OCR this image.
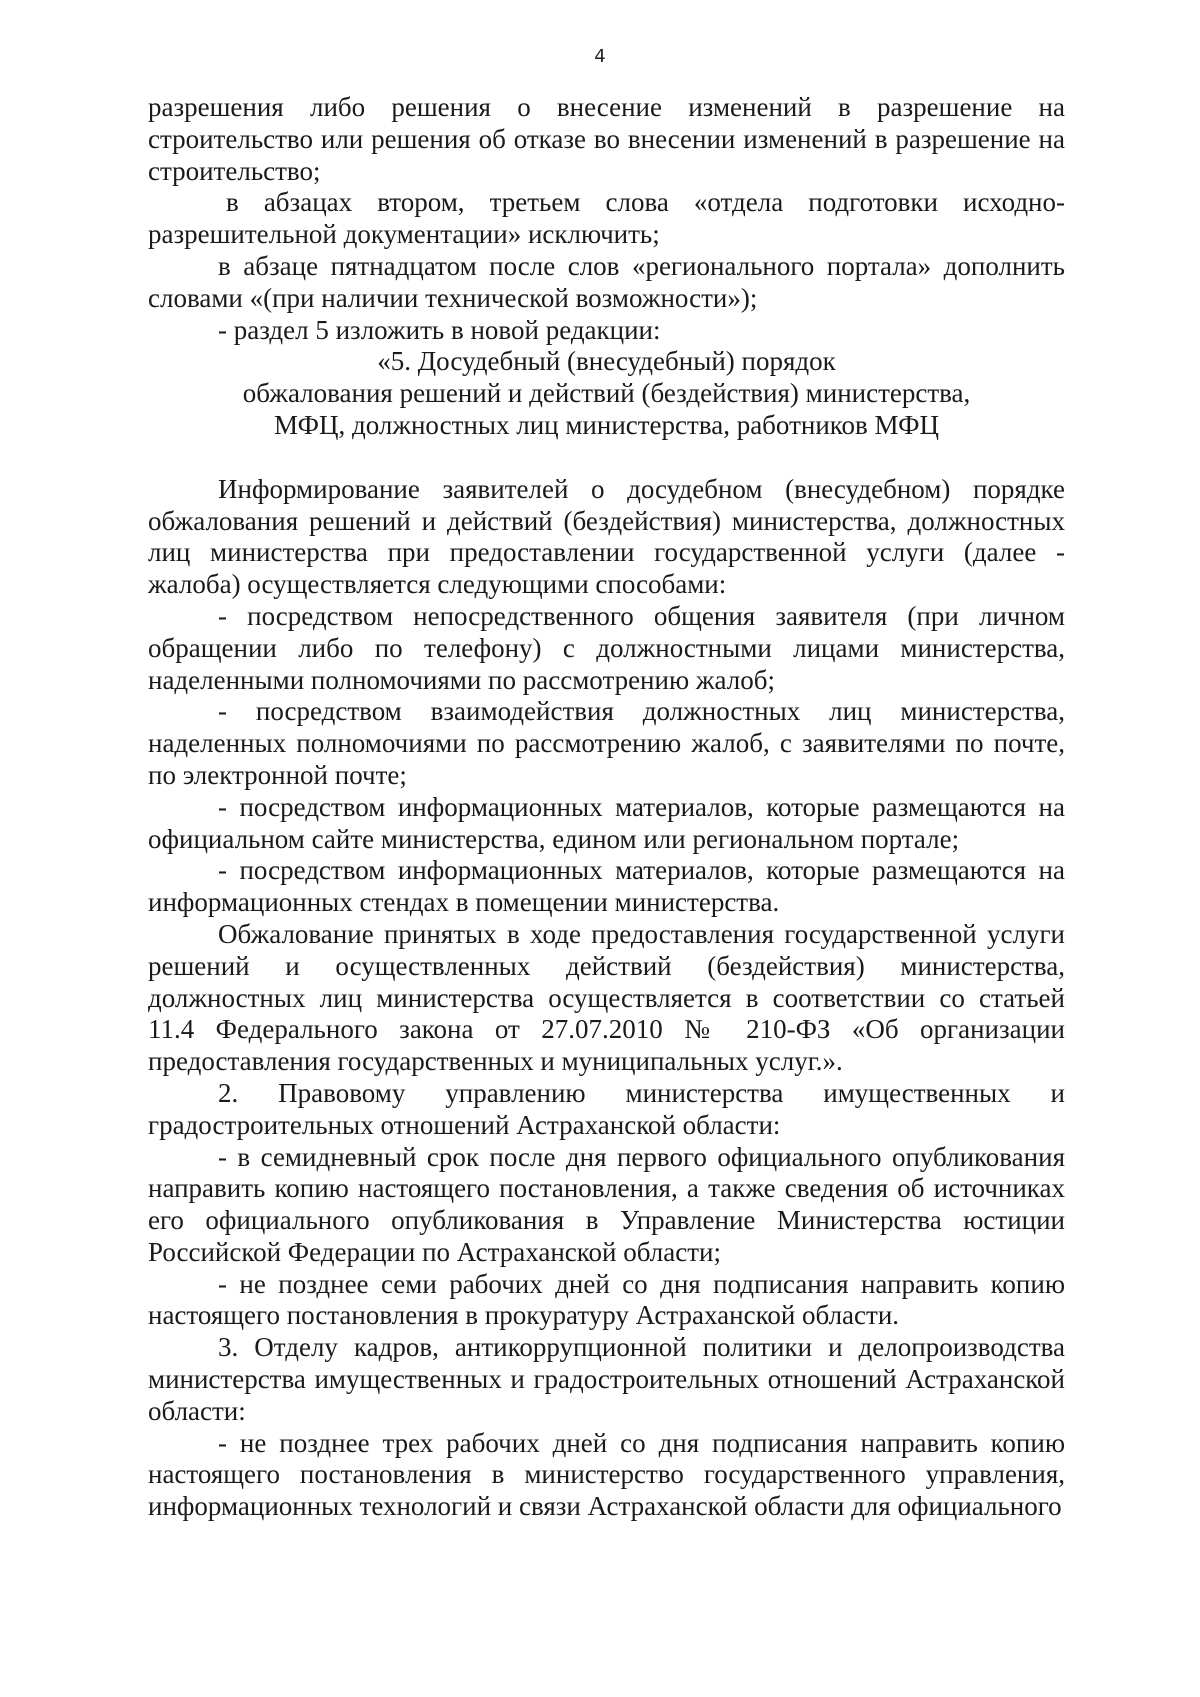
4

разрешения либо решения о внесение изменений в разрешение на строительство или решения об отказе во внесении изменений в разрешение на строительство;

в абзацах втором, третьем слова «отдела подготовки исходно-разрешительной документации» исключить;

в абзаце пятнадцатом после слов «регионального портала» дополнить словами «(при наличии технической возможности»);

- раздел 5 изложить в новой редакции:

«5. Досудебный (внесудебный) порядок

обжалования решений и действий (бездействия) министерства,

МФЦ, должностных лиц министерства, работников МФЦ

Информирование заявителей о досудебном (внесудебном) порядке обжалования решений и действий (бездействия) министерства, должностных лиц министерства при предоставлении государственной услуги (далее - жалоба) осуществляется следующими способами:

- посредством непосредственного общения заявителя (при личном обращении либо по телефону) с должностными лицами министерства, наделенными полномочиями по рассмотрению жалоб;

- посредством взаимодействия должностных лиц министерства, наделенных полномочиями по рассмотрению жалоб, с заявителями по почте, по электронной почте;

- посредством информационных материалов, которые размещаются на официальном сайте министерства, едином или региональном портале;

- посредством информационных материалов, которые размещаются на информационных стендах в помещении министерства.

Обжалование принятых в ходе предоставления государственной услуги решений и осуществленных действий (бездействия) министерства, должностных лиц министерства осуществляется в соответствии со статьей 11.4 Федерального закона от 27.07.2010 № 210-ФЗ «Об организации предоставления государственных и муниципальных услуг.».

2. Правовому управлению министерства имущественных и градостроительных отношений Астраханской области:

- в семидневный срок после дня первого официального опубликования направить копию настоящего постановления, а также сведения об источниках его официального опубликования в Управление Министерства юстиции Российской Федерации по Астраханской области;

- не позднее семи рабочих дней со дня подписания направить копию настоящего постановления в прокуратуру Астраханской области.

3. Отделу кадров, антикоррупционной политики и делопроизводства министерства имущественных и градостроительных отношений Астраханской области:

- не позднее трех рабочих дней со дня подписания направить копию настоящего постановления в министерство государственного управления, информационных технологий и связи Астраханской области для официального
